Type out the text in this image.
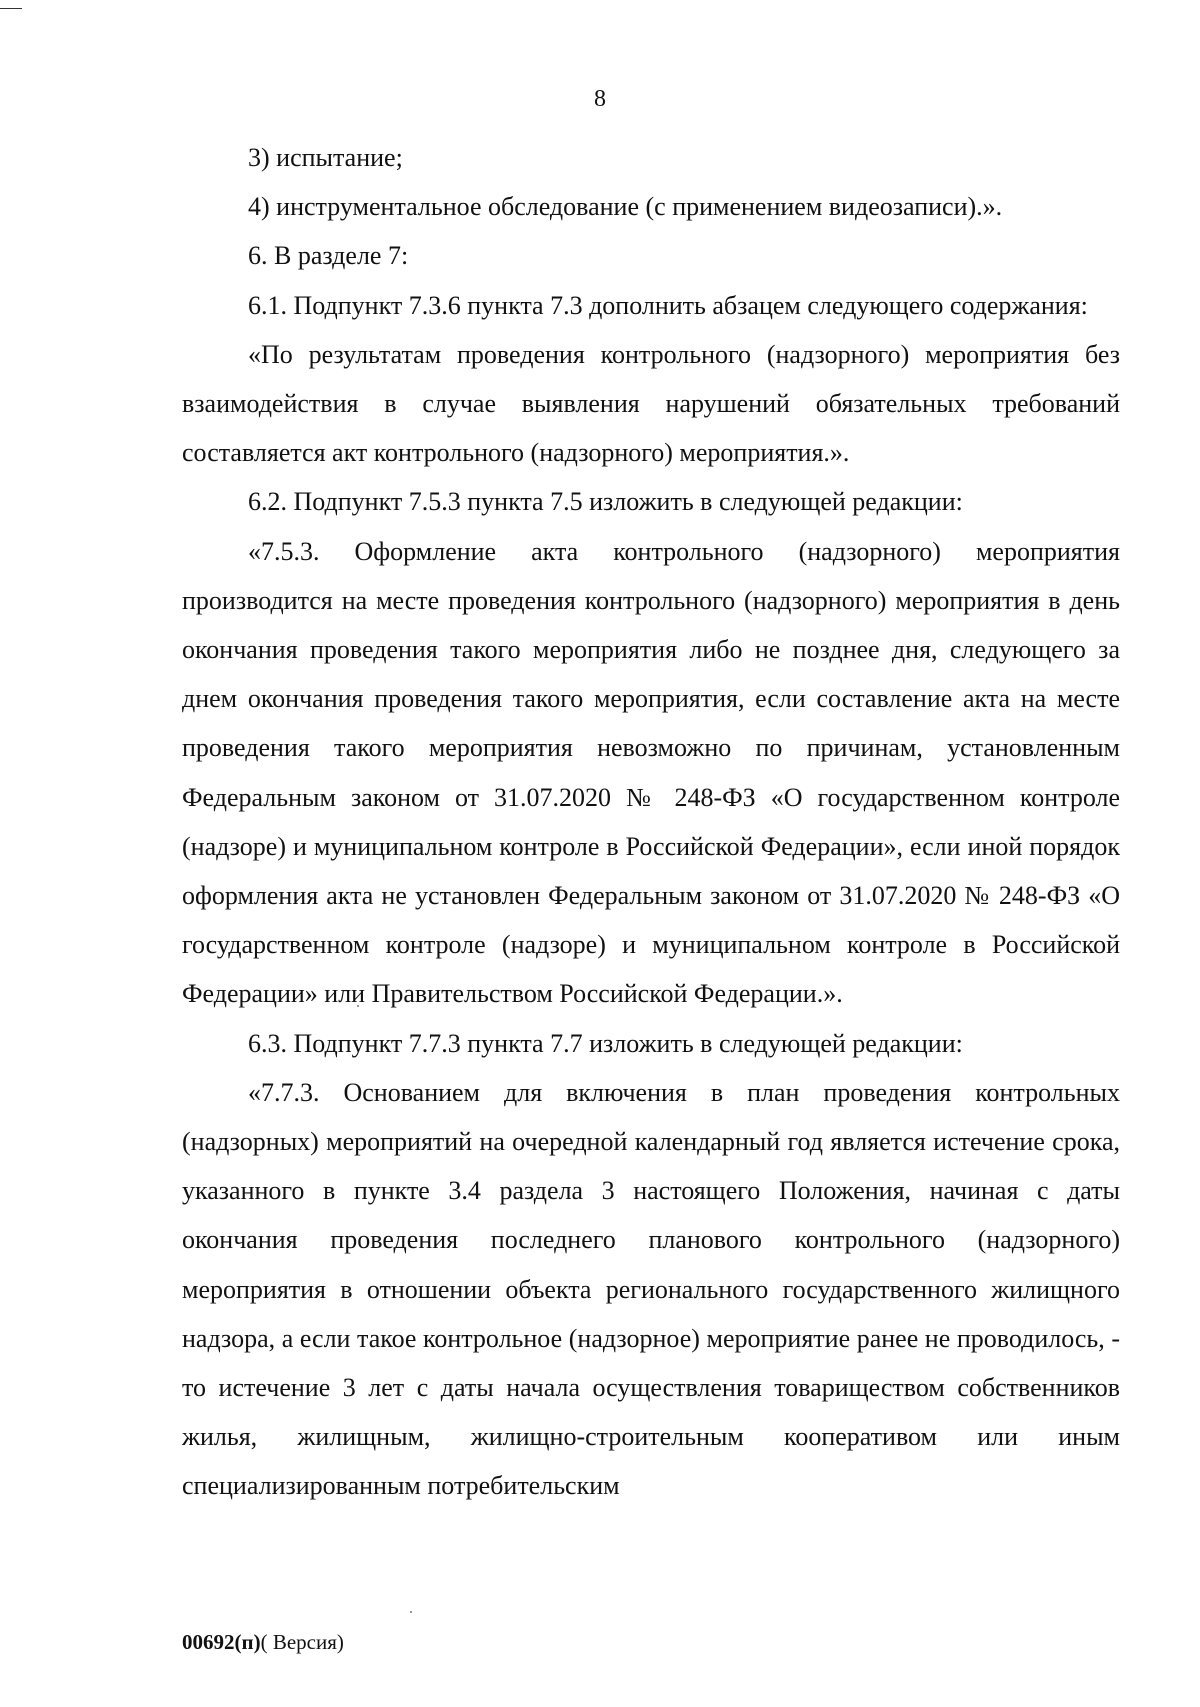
8

3) испытание;

4) инструментальное обследование (с применением видеозаписи).».

6. В разделе 7:

6.1. Подпункт 7.3.6 пункта 7.3 дополнить абзацем следующего содержания:

«По результатам проведения контрольного (надзорного) мероприятия без взаимодействия в случае выявления нарушений обязательных требований составляется акт контрольного (надзорного) мероприятия.».

6.2. Подпункт 7.5.3 пункта 7.5 изложить в следующей редакции:

«7.5.3. Оформление акта контрольного (надзорного) мероприятия производится на месте проведения контрольного (надзорного) мероприятия в день окончания проведения такого мероприятия либо не позднее дня, следующего за днем окончания проведения такого мероприятия, если составление акта на месте проведения такого мероприятия невозможно по причинам, установленным Федеральным законом от 31.07.2020 № 248-ФЗ «О государственном контроле (надзоре) и муниципальном контроле в Российской Федерации», если иной порядок оформления акта не установлен Федеральным законом от 31.07.2020 № 248-ФЗ «О государственном контроле (надзоре) и муниципальном контроле в Российской Федерации» или Правительством Российской Федерации.».

6.3. Подпункт 7.7.3 пункта 7.7 изложить в следующей редакции:

«7.7.3. Основанием для включения в план проведения контрольных (надзорных) мероприятий на очередной календарный год является истечение срока, указанного в пункте 3.4 раздела 3 настоящего Положения, начиная с даты окончания проведения последнего планового контрольного (надзорного) мероприятия в отношении объекта регионального государственного жилищного надзора, а если такое контрольное (надзорное) мероприятие ранее не проводилось, - то истечение 3 лет с даты начала осуществления товариществом собственников жилья, жилищным, жилищно-строительным кооперативом или иным специализированным потребительским

00692(п)( Версия)
